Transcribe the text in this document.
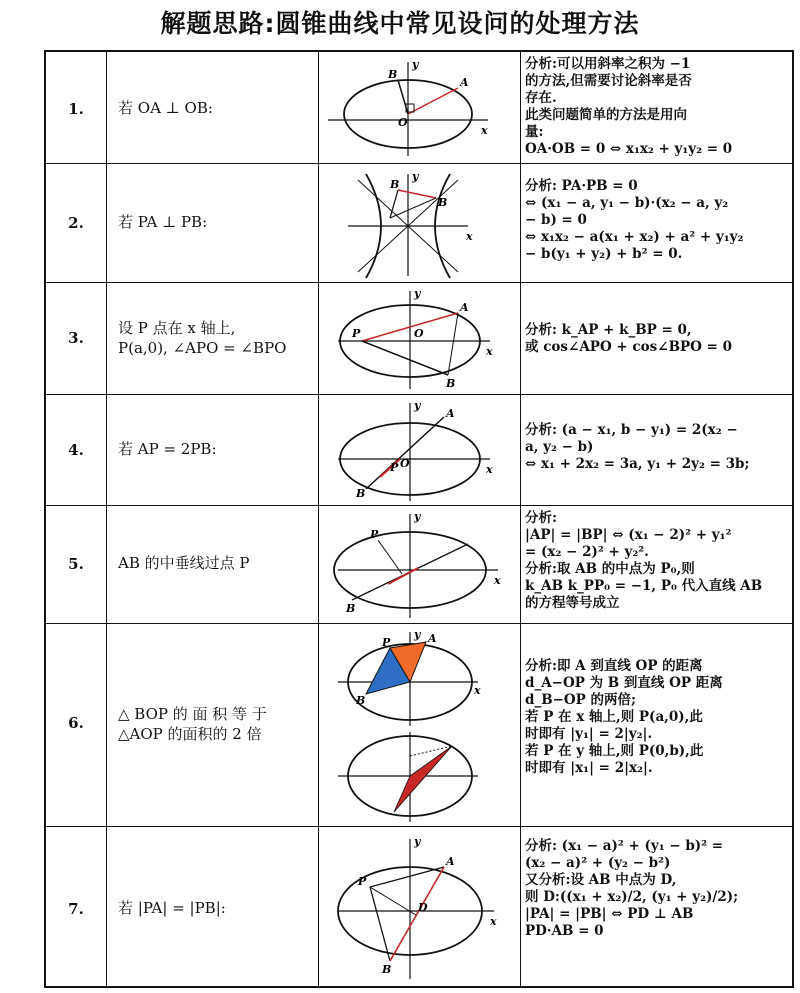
解题思路:圆锥曲线中常见设问的处理方法
1.	若 OA ⊥ OB:
分析:可以用斜率之积为 −1
的方法,但需要讨论斜率是否
存在.
此类问题简单的方法是用向
量:
OA·OB = 0 ⇔ x₁x₂ + y₁y₂ = 0
A
B
O
x
y
2.	若 PA ⊥ PB:
分析: PA·PB = 0
⇔ (x₁ − a, y₁ − b)·(x₂ − a, y₂
− b) = 0
⇔ x₁x₂ − a(x₁ + x₂) + a² + y₁y₂
− b(y₁ + y₂) + b² = 0.
B
B
x
y
3.
设 P 点在 x 轴上,
P(a,0), ∠APO = ∠BPO
分析: k_AP + k_BP = 0,
或 cos∠APO + cos∠BPO = 0
P
A
B
O
x
y
4.	若 AP = 2PB:
分析: (a − x₁, b − y₁) = 2(x₂ −
a, y₂ − b)
⇔ x₁ + 2x₂ = 3a, y₁ + 2y₂ = 3b;
A
B
P O	x
y
5.	AB 的中垂线过点 P
分析:
|AP| = |BP| ⇔ (x₁ − 2)² + y₁²
= (x₂ − 2)² + y₂².
分析:取 AB 的中点为 P₀,则
k_AB k_PP₀ = −1, P₀ 代入直线 AB
的方程等号成立
P
B
x
y
6.	△ BOP 的 面 积 等 于
△AOP 的面积的 2 倍
分析:即 A 到直线 OP 的距离
d_A−OP 为 B 到直线 OP 距离
d_B−OP 的两倍;
若 P 在 x 轴上,则 P(a,0),此
时即有 |y₁| = 2|y₂|.
若 P 在 y 轴上,则 P(0,b),此
时即有 |x₁| = 2|x₂|.
P	A
B
y
x
7.	若 |PA| = |PB|:
分析: (x₁ − a)² + (y₁ − b)² =
(x₂ − a)² + (y₂ − b²)
又分析:设 AB 中点为 D,
则 D:((x₁ + x₂)/2, (y₁ + y₂)/2);
|PA| = |PB| ⇔ PD ⊥ AB
PD·AB = 0
P
A
B
D
x
y
